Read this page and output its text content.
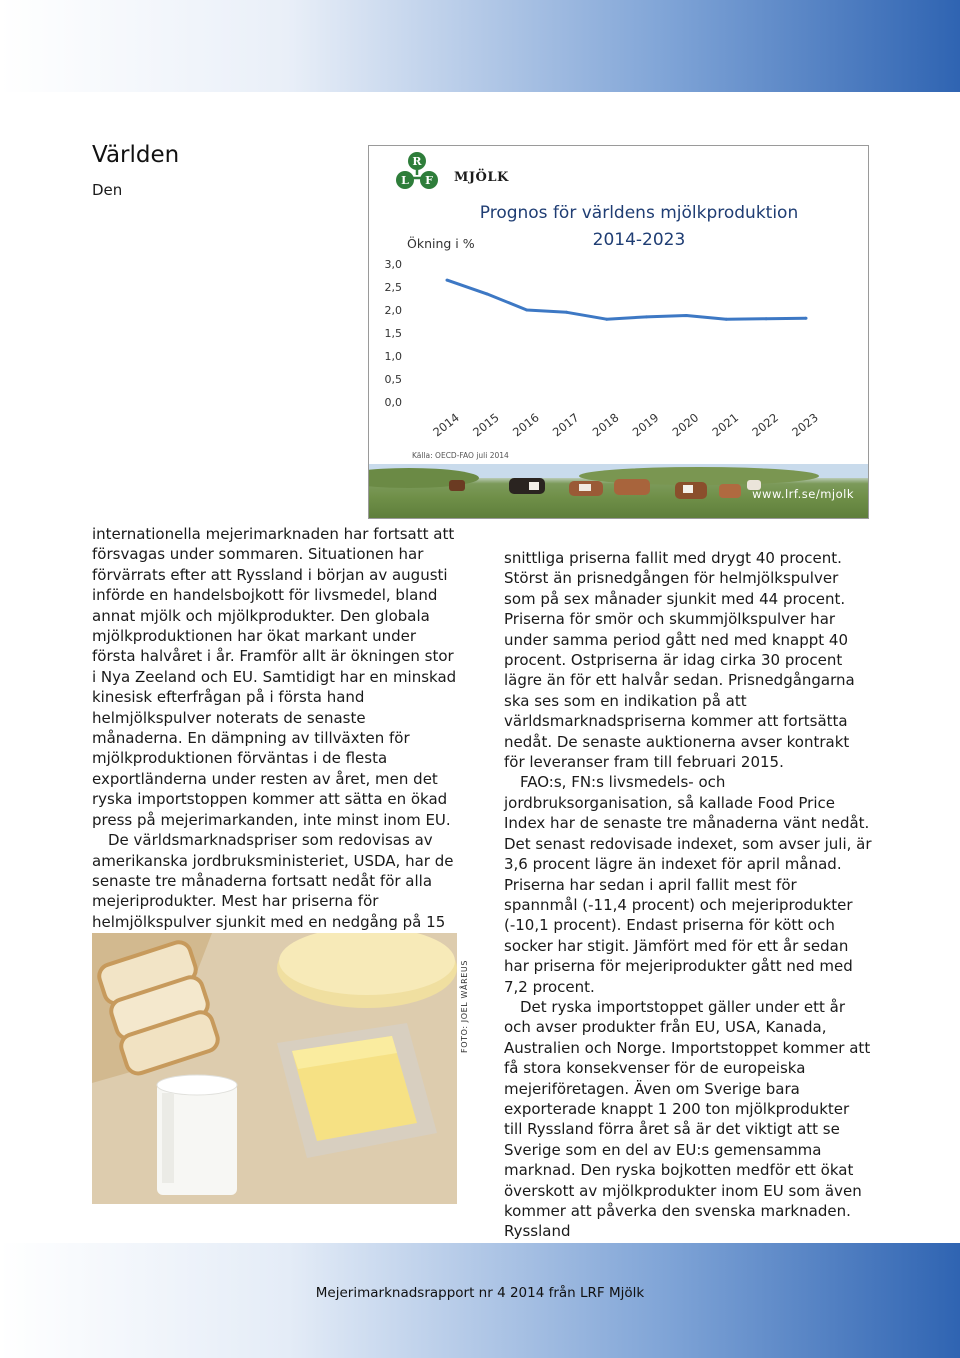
Världen

Den internationella mejerimarknaden har fortsatt att försvagas under sommaren. Situationen har förvärrats efter att Ryssland i början av augusti införde en handelsbojkott för livsmedel, bland annat mjölk och mjölkprodukter. Den globala mjölkproduktionen har ökat markant under första halvåret i år. Framför allt är ökningen stor i Nya Zeeland och EU. Samtidigt har en minskad kinesisk efterfrågan på i första hand helmjölkspulver noterats de senaste månaderna. En dämpning av tillväxten för mjölkproduktionen förväntas i de flesta exportländerna under resten av året, men det ryska importstoppen kommer att sätta en ökad press på mejerimarkanden, inte minst inom EU.

De världsmarknadspriser som redovisas av amerikanska jordbruksministeriet, USDA, har de senaste tre månaderna fortsatt nedåt för alla mejeriprodukter. Mest har priserna för helmjölkspulver sjunkit med en nedgång på 15

snittliga priserna fallit med drygt 40 procent. Störst än prisnedgången för helmjölkspulver som på sex månader sjunkit med 44 procent. Priserna för smör och skummjölkspulver har under samma period gått ned med knappt 40 procent. Ostpriserna är idag cirka 30 procent lägre än för ett halvår sedan. Prisnedgångarna ska ses som en indikation på att världsmarknadspriserna kommer att fortsätta nedåt. De senaste auktionerna avser kontrakt för leveranser fram till februari 2015.

FAO:s, FN:s livsmedels- och jordbruksorganisation, så kallade Food Price Index har de senaste tre månaderna vänt nedåt. Det senast redovisade indexet, som avser juli, är 3,6 procent lägre än indexet för april månad. Priserna har sedan i april fallit mest för spannmål (-11,4 procent) och mejeriprodukter (-10,1 procent). Endast priserna för kött och socker har stigit. Jämfört med för ett år sedan har priserna för mejeriprodukter gått ned med 7,2 procent.

Det ryska importstoppet gäller under ett år och avser produkter från EU, USA, Kanada, Australien och Norge. Importstoppet kommer att få stora konsekvenser för de europeiska mejeriföretagen. Även om Sverige bara exporterade knappt 1 200 ton mjölkprodukter till Ryssland förra året så är det viktigt att se Sverige som en del av EU:s gemensamma marknad. Den ryska bojkotten medför ett ökat överskott av mjölkprodukter inom EU som även kommer att påverka den svenska marknaden. Ryssland

R
L F MJÖLK
Prognos för världens mjölkproduktion
2014-2023
Ökning i %
3,0
2,5
2,0
1,5
1,0
0,5
0,0
2014 2015 2016 2017 2018 2019 2020 2021 2022 2023
Källa: OECD-FAO juli 2014
www.lrf.se/mjolk
FOTO: JOEL WÅREUS
Mejerimarknadsrapport nr 4 2014 från LRF Mjölk
